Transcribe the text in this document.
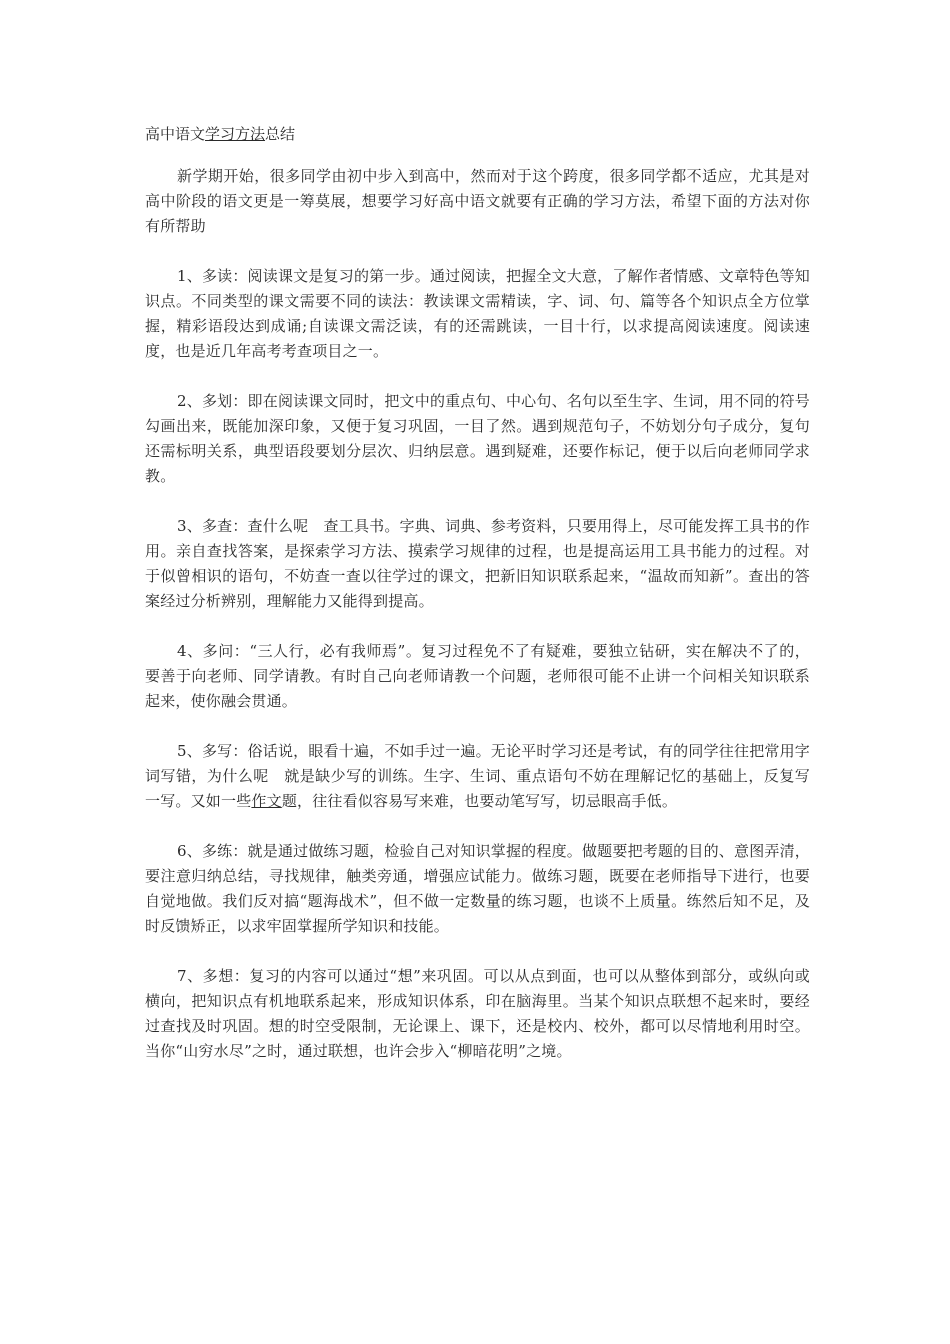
高中语文学习方法总结

新学期开始，很多同学由初中步入到高中，然而对于这个跨度，很多同学都不适应，尤其是对高中阶段的语文更是一筹莫展，想要学习好高中语文就要有正确的学习方法，希望下面的方法对你有所帮助

1、多读：阅读课文是复习的第一步。通过阅读，把握全文大意，了解作者情感、文章特色等知识点。不同类型的课文需要不同的读法：教读课文需精读，字、词、句、篇等各个知识点全方位掌握，精彩语段达到成诵;自读课文需泛读，有的还需跳读，一目十行，以求提高阅读速度。阅读速度，也是近几年高考考查项目之一。

2、多划：即在阅读课文同时，把文中的重点句、中心句、名句以至生字、生词，用不同的符号勾画出来，既能加深印象，又便于复习巩固，一目了然。遇到规范句子，不妨划分句子成分，复句还需标明关系，典型语段要划分层次、归纳层意。遇到疑难，还要作标记，便于以后向老师同学求教。

3、多查：查什么呢　查工具书。字典、词典、参考资料，只要用得上，尽可能发挥工具书的作用。亲自查找答案，是探索学习方法、摸索学习规律的过程，也是提高运用工具书能力的过程。对于似曾相识的语句，不妨查一查以往学过的课文，把新旧知识联系起来，“温故而知新”。查出的答案经过分析辨别，理解能力又能得到提高。

4、多问：“三人行，必有我师焉”。复习过程免不了有疑难，要独立钻研，实在解决不了的，要善于向老师、同学请教。有时自己向老师请教一个问题，老师很可能不止讲一个问相关知识联系起来，使你融会贯通。

5、多写：俗话说，眼看十遍，不如手过一遍。无论平时学习还是考试，有的同学往往把常用字词写错，为什么呢　就是缺少写的训练。生字、生词、重点语句不妨在理解记忆的基础上，反复写一写。又如一些作文题，往往看似容易写来难，也要动笔写写，切忌眼高手低。

6、多练：就是通过做练习题，检验自己对知识掌握的程度。做题要把考题的目的、意图弄清，要注意归纳总结，寻找规律，触类旁通，增强应试能力。做练习题，既要在老师指导下进行，也要自觉地做。我们反对搞“题海战术”，但不做一定数量的练习题，也谈不上质量。练然后知不足，及时反馈矫正，以求牢固掌握所学知识和技能。

7、多想：复习的内容可以通过“想”来巩固。可以从点到面，也可以从整体到部分，或纵向或横向，把知识点有机地联系起来，形成知识体系，印在脑海里。当某个知识点联想不起来时，要经过查找及时巩固。想的时空受限制，无论课上、课下，还是校内、校外，都可以尽情地利用时空。当你“山穷水尽”之时，通过联想，也许会步入“柳暗花明”之境。
